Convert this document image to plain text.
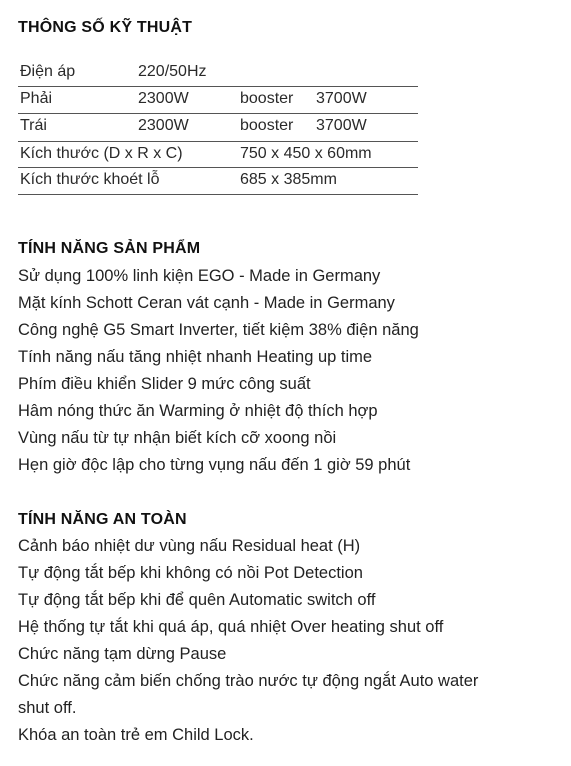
THÔNG SỐ KỸ THUẬT
Điện áp	220/50Hz
Phải	2300W	booster 3700W
Trái	2300W	booster 3700W
Kích thước (D x R x C)	750 x 450 x 60mm
Kích thước khoét lỗ	685 x 385mm
TÍNH NĂNG SẢN PHẨM
Sử dụng 100% linh kiện EGO - Made in Germany
Mặt kính Schott Ceran vát cạnh - Made in Germany
Công nghệ G5 Smart Inverter, tiết kiệm 38% điện năng
Tính năng nấu tăng nhiệt nhanh Heating up time
Phím điều khiển Slider 9 mức công suất
Hâm nóng thức ăn Warming ở nhiệt độ thích hợp
Vùng nấu từ tự nhận biết kích cỡ xoong nồi
Hẹn giờ độc lập cho từng vụng nấu đến 1 giờ 59 phút
TÍNH NĂNG AN TOÀN
Cảnh báo nhiệt dư vùng nấu Residual heat (H)
Tự động tắt bếp khi không có nồi Pot Detection
Tự động tắt bếp khi để quên Automatic switch off
Hệ thống tự tắt khi quá áp, quá nhiệt Over heating shut off
Chức năng tạm dừng Pause
Chức năng cảm biến chống trào nước tự động ngắt Auto water
shut off.
Khóa an toàn trẻ em Child Lock.
